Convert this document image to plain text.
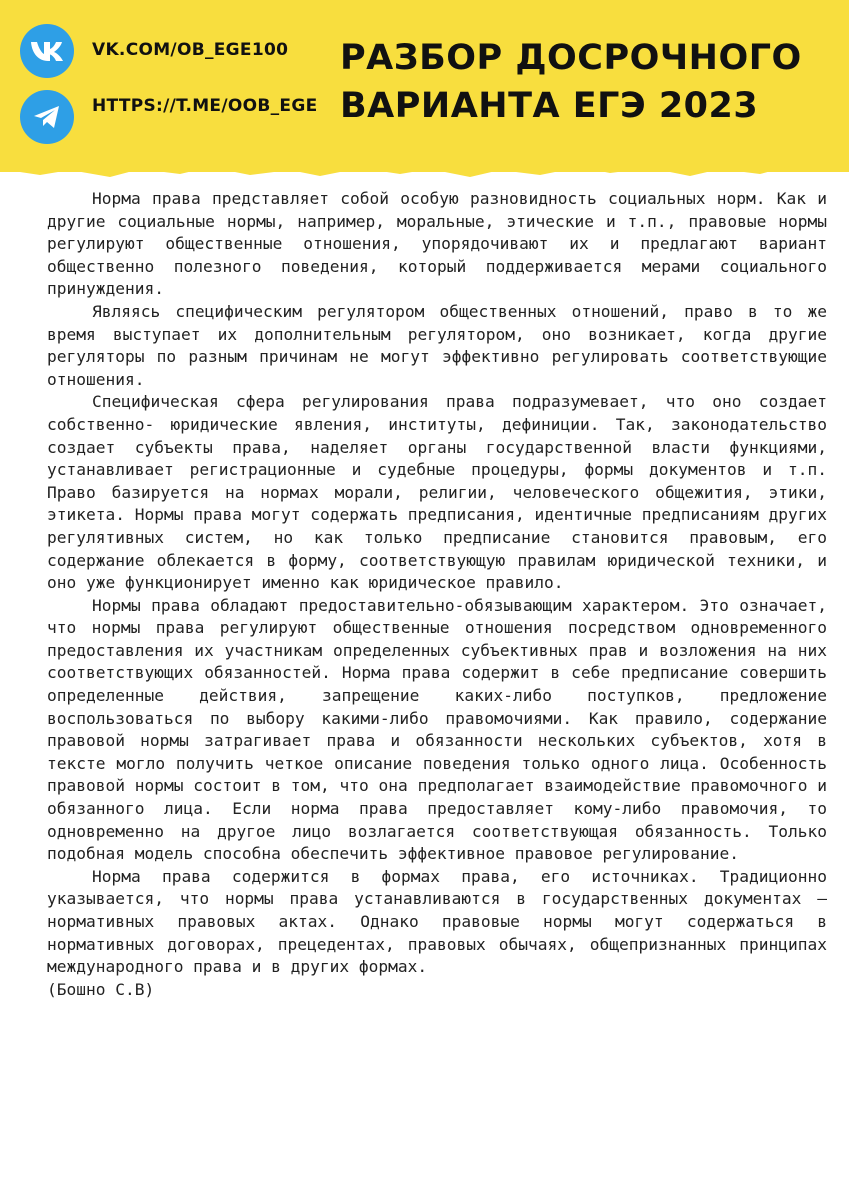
VK.COM/OB_EGE100
HTTPS://T.ME/OOB_EGE
РАЗБОР ДОСРОЧНОГО
ВАРИАНТА ЕГЭ 2023

Норма права представляет собой особую разновидность социальных норм. Как и другие социальные нормы, например, моральные, этические и т.п., правовые нормы регулируют общественные отношения, упорядочивают их и предлагают вариант общественно полезного поведения, который поддерживается мерами социального принуждения.

Являясь специфическим регулятором общественных отношений, право в то же время выступает их дополнительным регулятором, оно возникает, когда другие регуляторы по разным причинам не могут эффективно регулировать соответствующие отношения.

Специфическая сфера регулирования права подразумевает, что оно создает собственно- юридические явления, институты, дефиниции. Так, законодательство создает субъекты права, наделяет органы государственной власти функциями, устанавливает регистрационные и судебные процедуры, формы документов и т.п. Право базируется на нормах морали, религии, человеческого общежития, этики, этикета. Нормы права могут содержать предписания, идентичные предписаниям других регулятивных систем, но как только предписание становится правовым, его содержание облекается в форму, соответствующую правилам юридической техники, и оно уже функционирует именно как юридическое правило.

Нормы права обладают предоставительно-обязывающим характером. Это означает, что нормы права регулируют общественные отношения посредством одновременного предоставления их участникам определенных субъективных прав и возложения на них соответствующих обязанностей. Норма права содержит в себе предписание совершить определенные действия, запрещение каких-либо поступков, предложение воспользоваться по выбору какими-либо правомочиями. Как правило, содержание правовой нормы затрагивает права и обязанности нескольких субъектов, хотя в тексте могло получить четкое описание поведения только одного лица. Особенность правовой нормы состоит в том, что она предполагает взаимодействие правомочного и обязанного лица. Если норма права предоставляет кому-либо правомочия, то одновременно на другое лицо возлагается соответствующая обязанность. Только подобная модель способна обеспечить эффективное правовое регулирование.

Норма права содержится в формах права, его источниках. Традиционно указывается, что нормы права устанавливаются в государственных документах — нормативных правовых актах. Однако правовые нормы могут содержаться в нормативных договорах, прецедентах, правовых обычаях, общепризнанных принципах международного права и в других формах.

(Бошно С.В)
